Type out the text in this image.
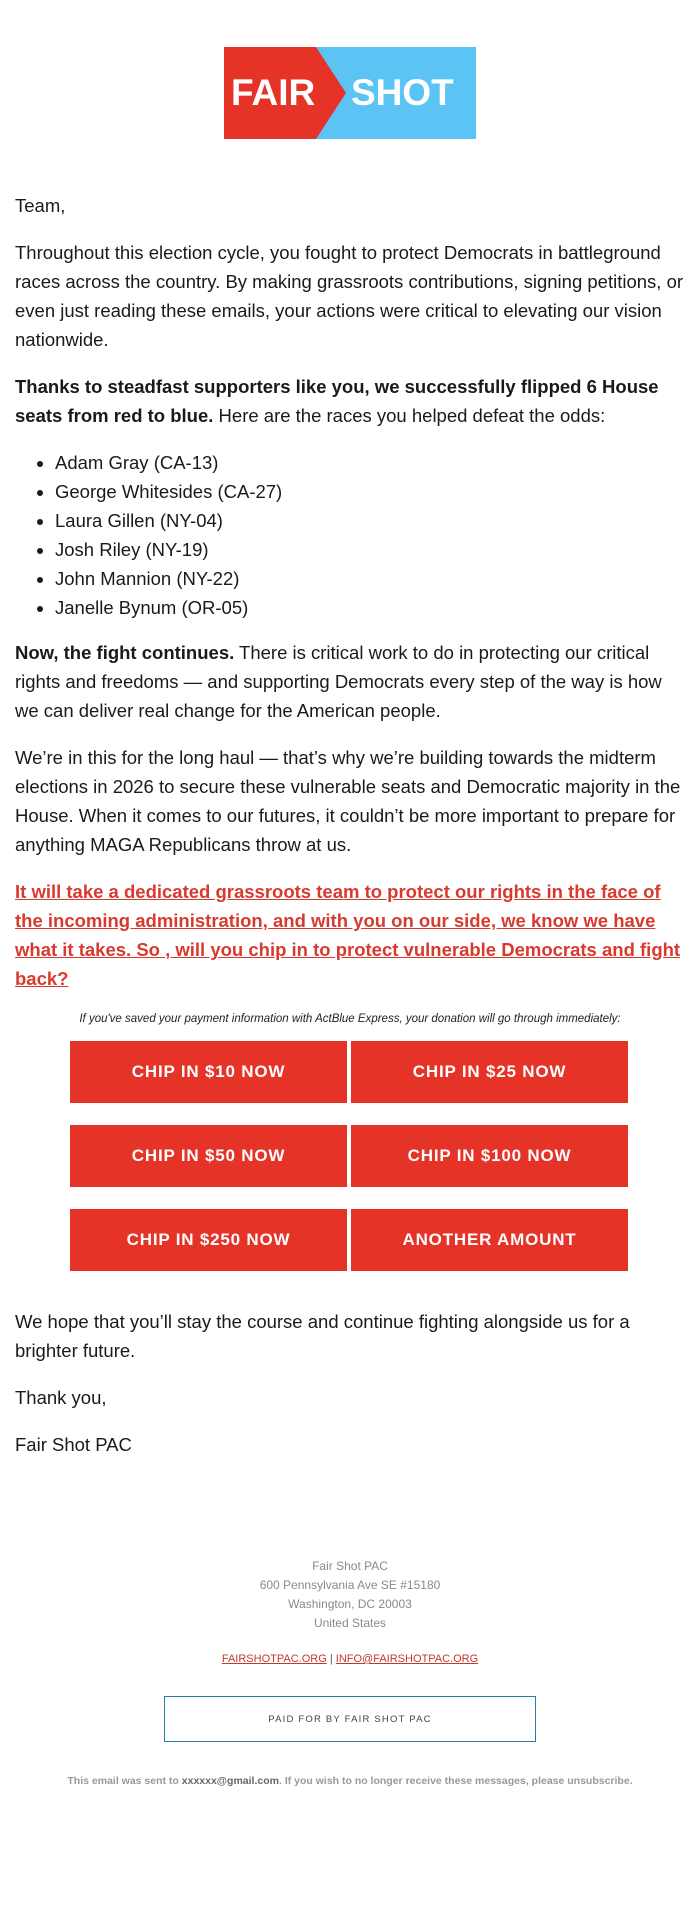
FAIR SHOT

Team,

Throughout this election cycle, you fought to protect Democrats in battleground races across the country. By making grassroots contributions, signing petitions, or even just reading these emails, your actions were critical to elevating our vision nationwide.

Thanks to steadfast supporters like you, we successfully flipped 6 House seats from red to blue. Here are the races you helped defeat the odds:

• Adam Gray (CA-13)
• George Whitesides (CA-27)
• Laura Gillen (NY-04)
• Josh Riley (NY-19)
• John Mannion (NY-22)
• Janelle Bynum (OR-05)

Now, the fight continues. There is critical work to do in protecting our critical rights and freedoms — and supporting Democrats every step of the way is how we can deliver real change for the American people.

We’re in this for the long haul — that’s why we’re building towards the midterm elections in 2026 to secure these vulnerable seats and Democratic majority in the House. When it comes to our futures, it couldn’t be more important to prepare for anything MAGA Republicans throw at us.

It will take a dedicated grassroots team to protect our rights in the face of the incoming administration, and with you on our side, we know we have what it takes. So , will you chip in to protect vulnerable Democrats and fight back?
If you've saved your payment information with ActBlue Express, your donation will go through immediately:
CHIP IN $10 NOW	CHIP IN $25 NOW
CHIP IN $50 NOW	CHIP IN $100 NOW
CHIP IN $250 NOW	ANOTHER AMOUNT

We hope that you’ll stay the course and continue fighting alongside us for a brighter future.

Thank you,

Fair Shot PAC

Fair Shot PAC
600 Pennsylvania Ave SE #15180
Washington, DC 20003
United States
FAIRSHOTPAC.ORG | INFO@FAIRSHOTPAC.ORG
PAID FOR BY FAIR SHOT PAC
This email was sent to xxxxxx@gmail.com. If you wish to no longer receive these messages, please unsubscribe.
